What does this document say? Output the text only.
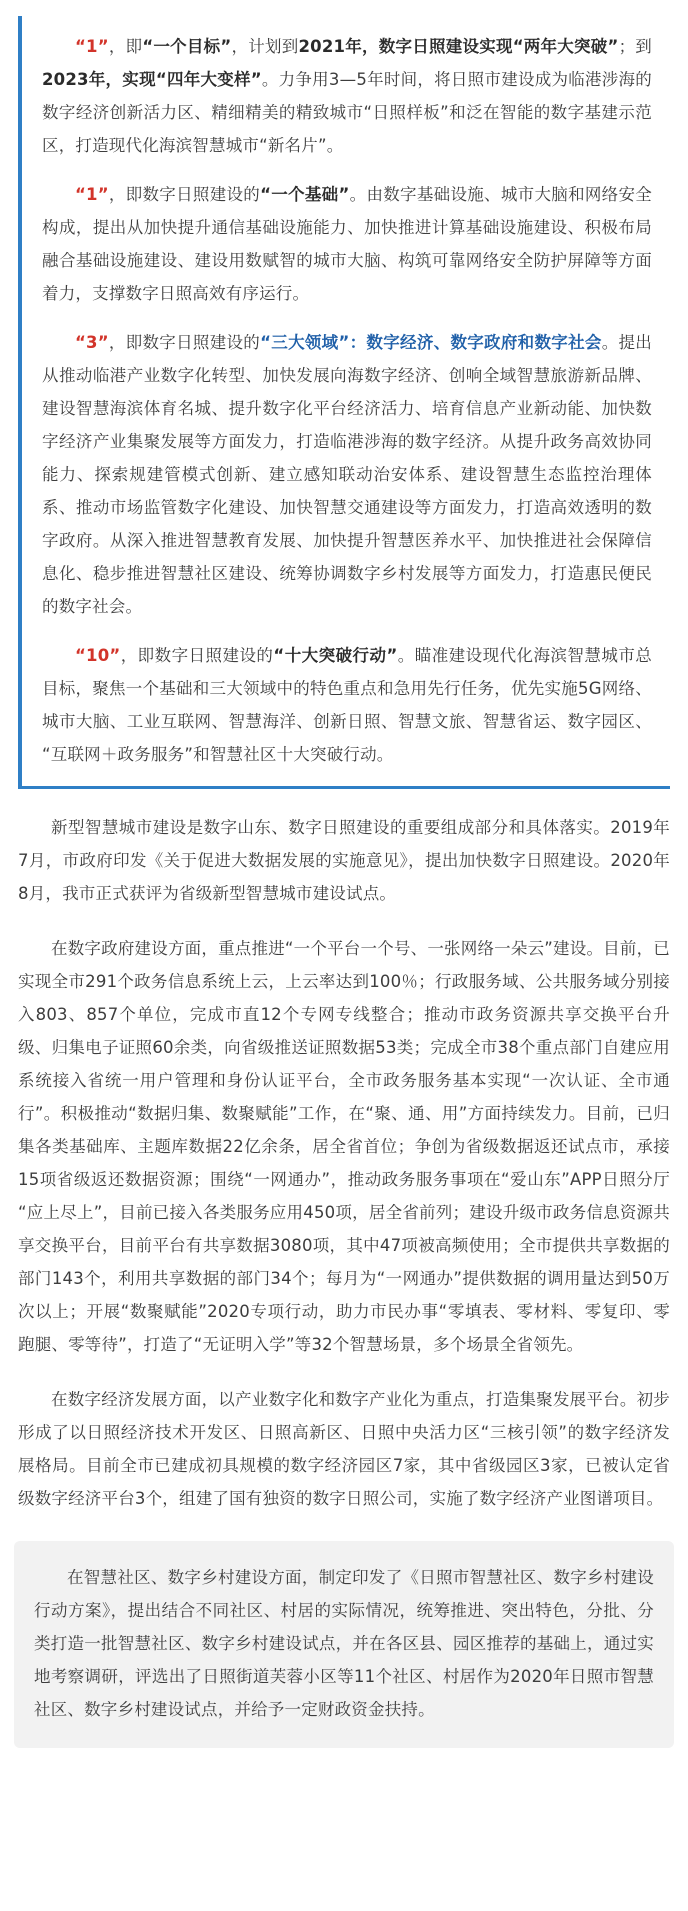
“1”，即“一个目标”，计划到2021年，数字日照建设实现“两年大突破”；到2023年，实现“四年大变样”。力争用3—5年时间，将日照市建设成为临港涉海的数字经济创新活力区、精细精美的精致城市“日照样板”和泛在智能的数字基建示范区，打造现代化海滨智慧城市“新名片”。

“1”，即数字日照建设的“一个基础”。由数字基础设施、城市大脑和网络安全构成，提出从加快提升通信基础设施能力、加快推进计算基础设施建设、积极布局融合基础设施建设、建设用数赋智的城市大脑、构筑可靠网络安全防护屏障等方面着力，支撑数字日照高效有序运行。

“3”，即数字日照建设的“三大领域”：数字经济、数字政府和数字社会。提出从推动临港产业数字化转型、加快发展向海数字经济、创响全域智慧旅游新品牌、建设智慧海滨体育名城、提升数字化平台经济活力、培育信息产业新动能、加快数字经济产业集聚发展等方面发力，打造临港涉海的数字经济。从提升政务高效协同能力、探索规建管模式创新、建立感知联动治安体系、建设智慧生态监控治理体系、推动市场监管数字化建设、加快智慧交通建设等方面发力，打造高效透明的数字政府。从深入推进智慧教育发展、加快提升智慧医养水平、加快推进社会保障信息化、稳步推进智慧社区建设、统筹协调数字乡村发展等方面发力，打造惠民便民的数字社会。

“10”，即数字日照建设的“十大突破行动”。瞄准建设现代化海滨智慧城市总目标，聚焦一个基础和三大领域中的特色重点和急用先行任务，优先实施5G网络、城市大脑、工业互联网、智慧海洋、创新日照、智慧文旅、智慧省运、数字园区、“互联网＋政务服务”和智慧社区十大突破行动。

新型智慧城市建设是数字山东、数字日照建设的重要组成部分和具体落实。2019年7月，市政府印发《关于促进大数据发展的实施意见》，提出加快数字日照建设。2020年8月，我市正式获评为省级新型智慧城市建设试点。

在数字政府建设方面，重点推进“一个平台一个号、一张网络一朵云”建设。目前，已实现全市291个政务信息系统上云，上云率达到100％；行政服务域、公共服务域分别接入803、857个单位，完成市直12个专网专线整合；推动市政务资源共享交换平台升级、归集电子证照60余类，向省级推送证照数据53类；完成全市38个重点部门自建应用系统接入省统一用户管理和身份认证平台，全市政务服务基本实现“一次认证、全市通行”。积极推动“数据归集、数聚赋能”工作，在“聚、通、用”方面持续发力。目前，已归集各类基础库、主题库数据22亿余条，居全省首位；争创为省级数据返还试点市，承接15项省级返还数据资源；围绕“一网通办”，推动政务服务事项在“爱山东”APP日照分厅“应上尽上”，目前已接入各类服务应用450项，居全省前列；建设升级市政务信息资源共享交换平台，目前平台有共享数据3080项，其中47项被高频使用；全市提供共享数据的部门143个，利用共享数据的部门34个；每月为“一网通办”提供数据的调用量达到50万次以上；开展“数聚赋能”2020专项行动，助力市民办事“零填表、零材料、零复印、零跑腿、零等待”，打造了“无证明入学”等32个智慧场景，多个场景全省领先。

在数字经济发展方面，以产业数字化和数字产业化为重点，打造集聚发展平台。初步形成了以日照经济技术开发区、日照高新区、日照中央活力区“三核引领”的数字经济发展格局。目前全市已建成初具规模的数字经济园区7家，其中省级园区3家，已被认定省级数字经济平台3个，组建了国有独资的数字日照公司，实施了数字经济产业图谱项目。

在智慧社区、数字乡村建设方面，制定印发了《日照市智慧社区、数字乡村建设行动方案》，提出结合不同社区、村居的实际情况，统筹推进、突出特色，分批、分类打造一批智慧社区、数字乡村建设试点，并在各区县、园区推荐的基础上，通过实地考察调研，评选出了日照街道芙蓉小区等11个社区、村居作为2020年日照市智慧社区、数字乡村建设试点，并给予一定财政资金扶持。
